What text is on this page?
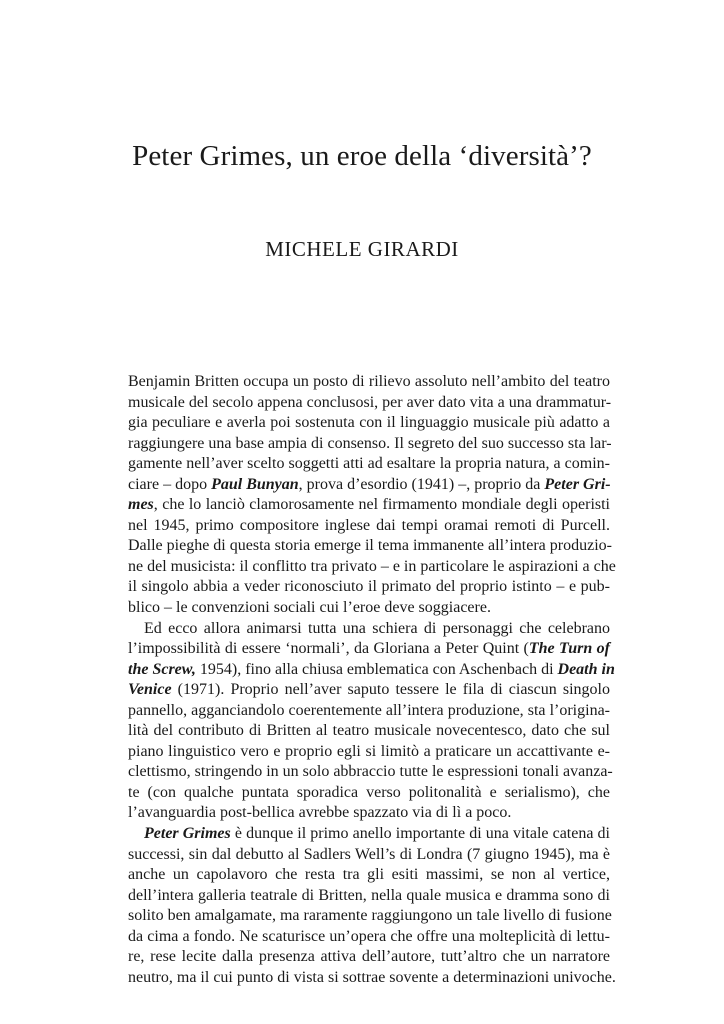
Peter Grimes, un eroe della ‘diversità’?
MICHELE GIRARDI

Benjamin Britten occupa un posto di rilievo assoluto nell’ambito del teatro

musicale del secolo appena conclusosi, per aver dato vita a una drammatur-

gia peculiare e averla poi sostenuta con il linguaggio musicale più adatto a

raggiungere una base ampia di consenso. Il segreto del suo successo sta lar-

gamente nell’aver scelto soggetti atti ad esaltare la propria natura, a comin-

ciare – dopo Paul Bunyan, prova d’esordio (1941) –, proprio da Peter Gri-

mes, che lo lanciò clamorosamente nel firmamento mondiale degli operisti

nel 1945, primo compositore inglese dai tempi oramai remoti di Purcell.

Dalle pieghe di questa storia emerge il tema immanente all’intera produzio-

ne del musicista: il conflitto tra privato – e in particolare le aspirazioni a che

il singolo abbia a veder riconosciuto il primato del proprio istinto – e pub-

blico – le convenzioni sociali cui l’eroe deve soggiacere.

Ed ecco allora animarsi tutta una schiera di personaggi che celebrano

l’impossibilità di essere ‘normali’, da Gloriana a Peter Quint (The Turn of

the Screw, 1954), fino alla chiusa emblematica con Aschenbach di Death in

Venice (1971). Proprio nell’aver saputo tessere le fila di ciascun singolo

pannello, agganciandolo coerentemente all’intera produzione, sta l’origina-

lità del contributo di Britten al teatro musicale novecentesco, dato che sul

piano linguistico vero e proprio egli si limitò a praticare un accattivante e-

clettismo, stringendo in un solo abbraccio tutte le espressioni tonali avanza-

te (con qualche puntata sporadica verso politonalità e serialismo), che

l’avanguardia post-bellica avrebbe spazzato via di lì a poco.

Peter Grimes è dunque il primo anello importante di una vitale catena di

successi, sin dal debutto al Sadlers Well’s di Londra (7 giugno 1945), ma è

anche un capolavoro che resta tra gli esiti massimi, se non al vertice,

dell’intera galleria teatrale di Britten, nella quale musica e dramma sono di

solito ben amalgamate, ma raramente raggiungono un tale livello di fusione

da cima a fondo. Ne scaturisce un’opera che offre una molteplicità di lettu-

re, rese lecite dalla presenza attiva dell’autore, tutt’altro che un narratore

neutro, ma il cui punto di vista si sottrae sovente a determinazioni univoche.
